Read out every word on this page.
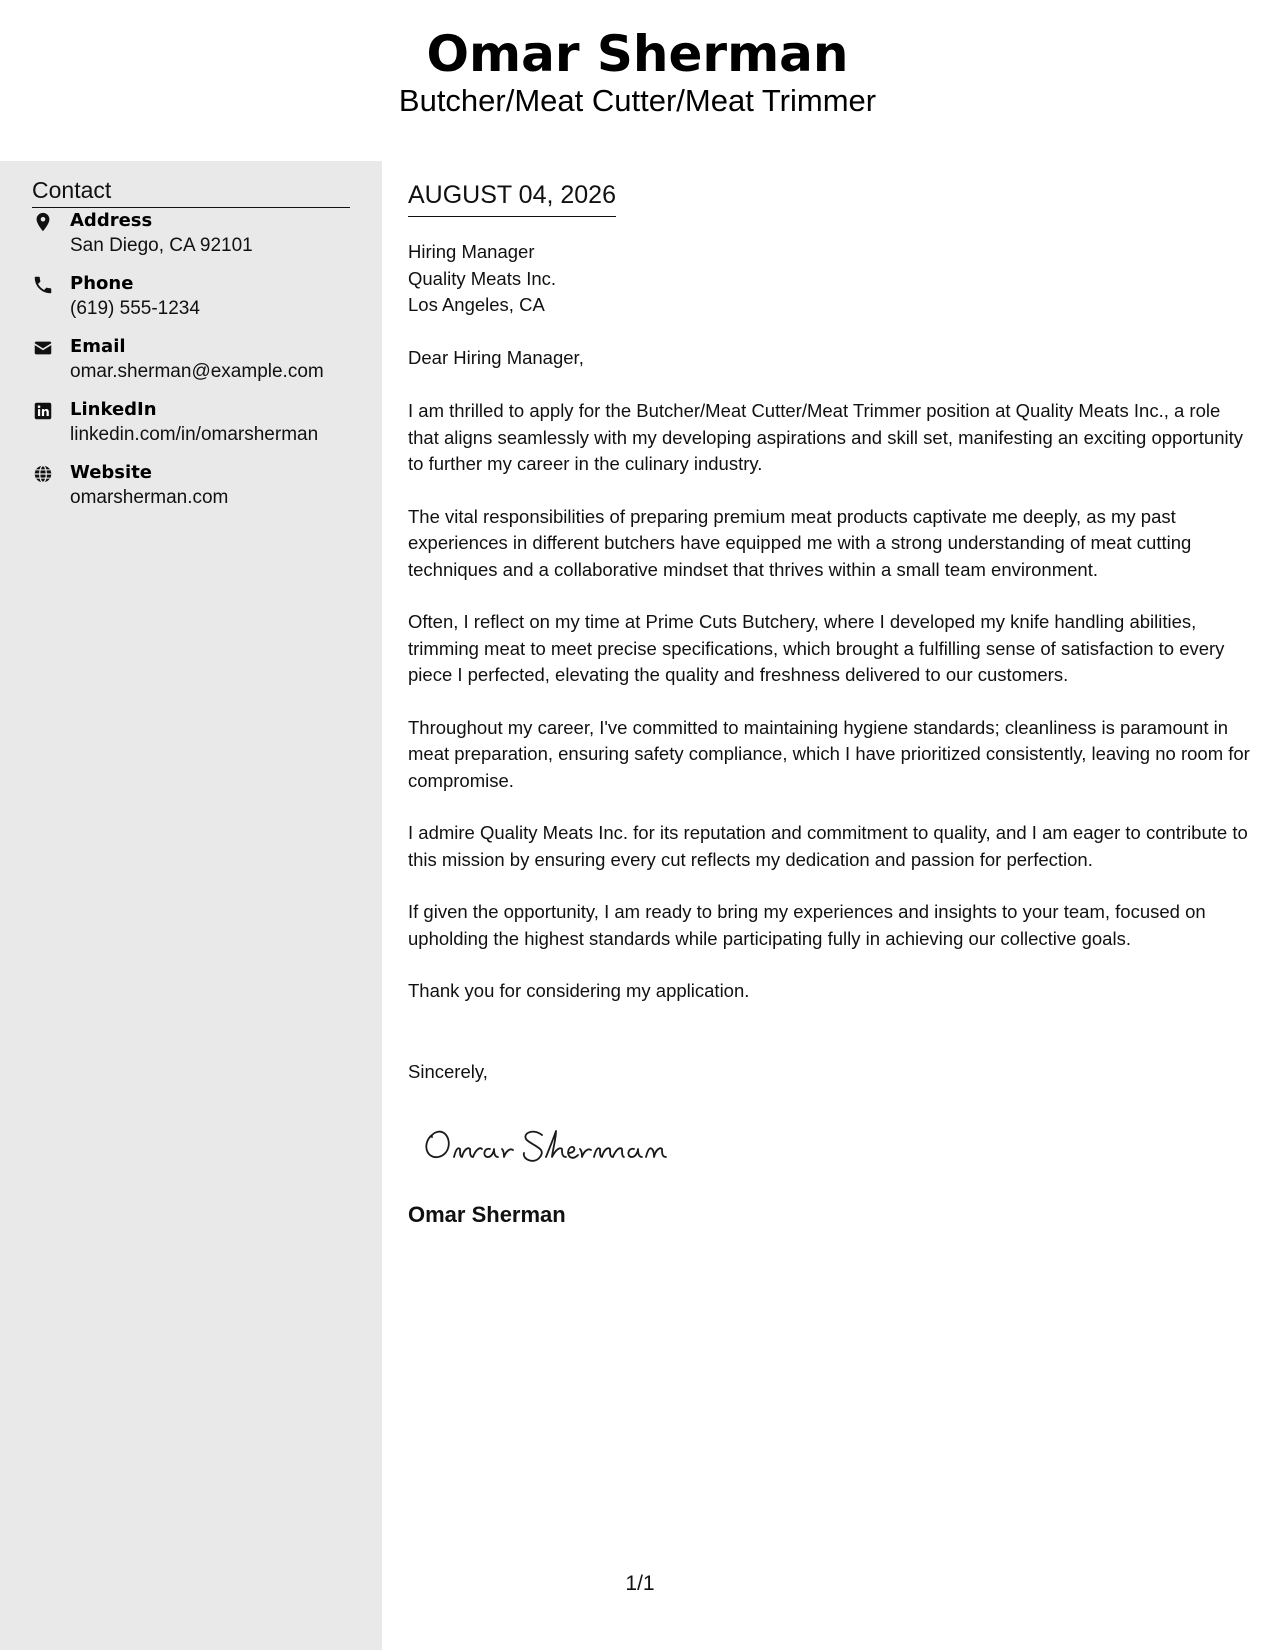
Omar Sherman
Butcher/Meat Cutter/Meat Trimmer
Contact
Address
San Diego, CA 92101
Phone
(619) 555-1234
Email
omar.sherman@example.com
LinkedIn
linkedin.com/in/omarsherman
Website
omarsherman.com
AUGUST 04, 2026
Hiring Manager
Quality Meats Inc.
Los Angeles, CA
Dear Hiring Manager,

I am thrilled to apply for the Butcher/Meat Cutter/Meat Trimmer position at Quality Meats Inc., a role that aligns seamlessly with my developing aspirations and skill set, manifesting an exciting opportunity to further my career in the culinary industry.

The vital responsibilities of preparing premium meat products captivate me deeply, as my past experiences in different butchers have equipped me with a strong understanding of meat cutting techniques and a collaborative mindset that thrives within a small team environment.

Often, I reflect on my time at Prime Cuts Butchery, where I developed my knife handling abilities, trimming meat to meet precise specifications, which brought a fulfilling sense of satisfaction to every piece I perfected, elevating the quality and freshness delivered to our customers.

Throughout my career, I've committed to maintaining hygiene standards; cleanliness is paramount in meat preparation, ensuring safety compliance, which I have prioritized consistently, leaving no room for compromise.

I admire Quality Meats Inc. for its reputation and commitment to quality, and I am eager to contribute to this mission by ensuring every cut reflects my dedication and passion for perfection.

If given the opportunity, I am ready to bring my experiences and insights to your team, focused on upholding the highest standards while participating fully in achieving our collective goals.

Thank you for considering my application.

Sincerely,
Omar Sherman
1/1
